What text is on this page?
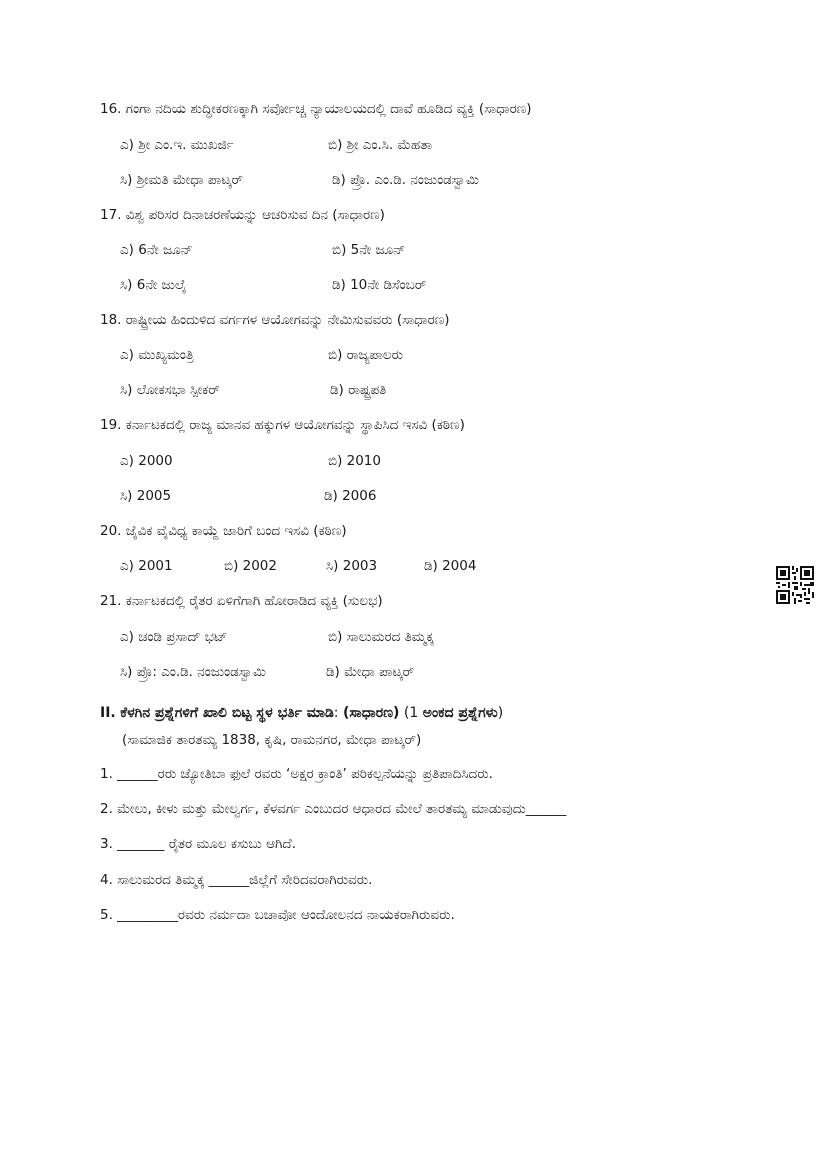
16. ಗಂಗಾ ನದಿಯ ಶುದ್ಧೀಕರಣಕ್ಕಾಗಿ ಸರ್ವೋಚ್ಚ ನ್ಯಾಯಾಲಯದಲ್ಲಿ ದಾವೆ ಹೂಡಿದ ವ್ಯಕ್ತಿ (ಸಾಧಾರಣ)
ಎ) ಶ್ರೀ ಎಂ.ಇ. ಮುಖರ್ಜಿ	ಬಿ) ಶ್ರೀ ಎಂ.ಸಿ. ಮೆಹತಾ
ಸಿ) ಶ್ರೀಮತಿ ಮೇಧಾ ಪಾಟ್ಕರ್	ಡಿ) ಪ್ರೊ. ಎಂ.ಡಿ. ನಂಜುಂಡಸ್ವಾಮಿ
17. ವಿಶ್ವ ಪರಿಸರ ದಿನಾಚರಣೆಯನ್ನು ಆಚರಿಸುವ ದಿನ (ಸಾಧಾರಣ)
ಎ) 6ನೇ ಜೂನ್	ಬಿ) 5ನೇ ಜೂನ್
ಸಿ) 6ನೇ ಜುಲೈ	ಡಿ) 10ನೇ ಡಿಸೆಂಬರ್
18. ರಾಷ್ಟ್ರೀಯ ಹಿಂದುಳಿದ ವರ್ಗಗಳ ಆಯೋಗವನ್ನು ನೇಮಿಸುವವರು (ಸಾಧಾರಣ)
ಎ) ಮುಖ್ಯಮಂತ್ರಿ	ಬಿ) ರಾಜ್ಯಪಾಲರು
ಸಿ) ಲೋಕಸಭಾ ಸ್ಪೀಕರ್	ಡಿ) ರಾಷ್ಟ್ರಪತಿ
19. ಕರ್ನಾಟಕದಲ್ಲಿ ರಾಜ್ಯ ಮಾನವ ಹಕ್ಕುಗಳ ಆಯೋಗವನ್ನು ಸ್ಥಾಪಿಸಿದ ಇಸವಿ (ಕಠಿಣ)
ಎ) 2000	ಬಿ) 2010
ಸಿ) 2005	ಡಿ) 2006
20. ಜೈವಿಕ ವೈವಿಧ್ಯ ಕಾಯ್ದೆ ಜಾರಿಗೆ ಬಂದ ಇಸವಿ (ಕಠಿಣ)
ಎ) 2001	ಬಿ) 2002	ಸಿ) 2003	ಡಿ) 2004
21. ಕರ್ನಾಟಕದಲ್ಲಿ ರೈತರ ಏಳಿಗೆಗಾಗಿ ಹೋರಾಡಿದ ವ್ಯಕ್ತಿ (ಸುಲಭ)
ಎ) ಚಂಡಿ ಪ್ರಸಾದ್ ಭಟ್	ಬಿ) ಸಾಲುಮರದ ತಿಮ್ಮಕ್ಕ
ಸಿ) ಪ್ರೊ: ಎಂ.ಡಿ. ನಂಜುಂಡಸ್ವಾಮಿ	ಡಿ) ಮೇಧಾ ಪಾಟ್ಕರ್
II. ಕೆಳಗಿನ ಪ್ರಶ್ನೆಗಳಿಗೆ ಖಾಲಿ ಬಿಟ್ಟ ಸ್ಥಳ ಭರ್ತಿ ಮಾಡಿ: (ಸಾಧಾರಣ) (1 ಅಂಕದ ಪ್ರಶ್ನೆಗಳು)
(ಸಾಮಾಜಿಕ ತಾರತಮ್ಯ 1838, ಕೃಷಿ, ರಾಮನಗರ, ಮೇಧಾ ಪಾಟ್ಕರ್)
1. ______ರರು ಜ್ಯೋತಿಬಾ ಫುಲೆ ರವರು ‘ಅಕ್ಷರ ಕ್ರಾಂತಿ’ ಪರಿಕಲ್ಪನೆಯನ್ನು ಪ್ರತಿಪಾದಿಸಿದರು.
2. ಮೇಲು, ಕೀಳು ಮತ್ತು ಮೇಲ್ವರ್ಗ, ಕೆಳವರ್ಗ ಎಂಬುದರ ಆಧಾರದ ಮೇಲೆ ತಾರತಮ್ಯ ಮಾಡುವುದು______
3. _______ ರೈತರ ಮೂಲ ಕಸುಬು ಆಗಿದೆ.
4. ಸಾಲುಮರದ ತಿಮ್ಮಕ್ಕ ______ಜಿಲ್ಲೆಗೆ ಸೇರಿದವರಾಗಿರುವರು.
5. _________ರವರು ನರ್ಮದಾ ಬಚಾವೋ ಆಂದೋಲನದ ನಾಯಕರಾಗಿರುವರು.
